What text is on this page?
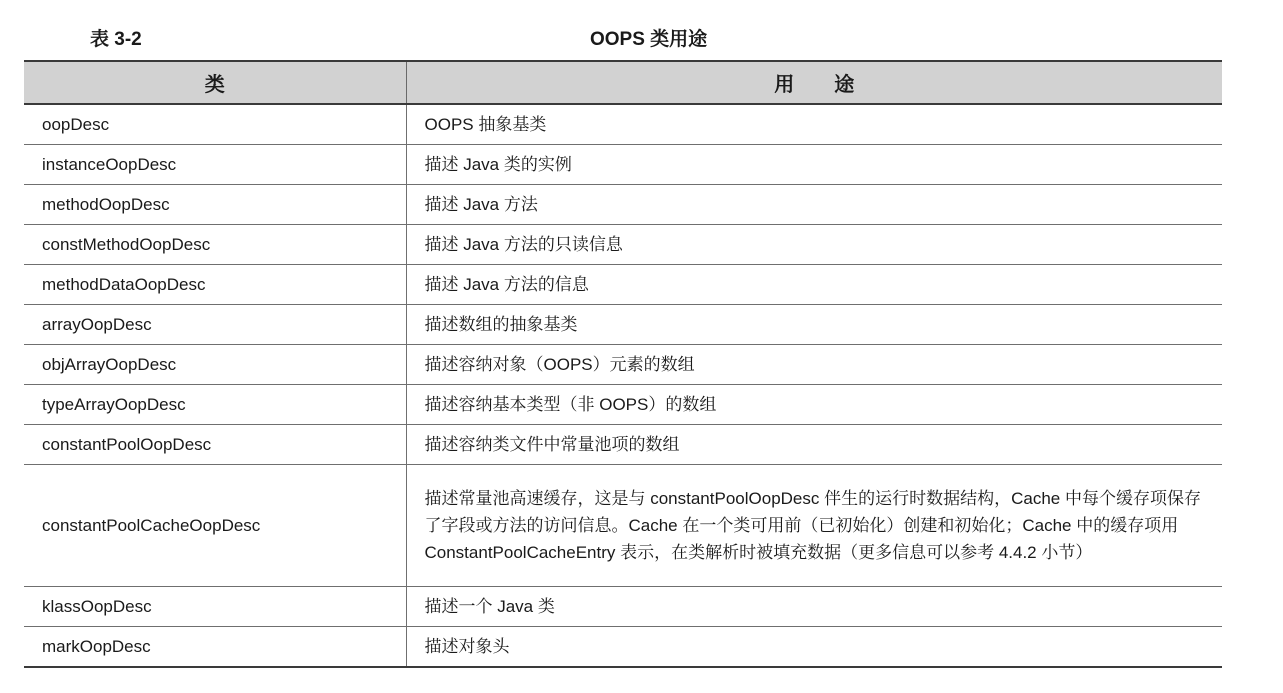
表 3-2	OOPS 类用途
类	用途
oopDesc	OOPS 抽象基类
instanceOopDesc	描述 Java 类的实例
methodOopDesc	描述 Java 方法
constMethodOopDesc	描述 Java 方法的只读信息
methodDataOopDesc	描述 Java 方法的信息
arrayOopDesc	描述数组的抽象基类
objArrayOopDesc	描述容纳对象（OOPS）元素的数组
typeArrayOopDesc	描述容纳基本类型（非 OOPS）的数组
constantPoolOopDesc	描述容纳类文件中常量池项的数组
constantPoolCacheOopDesc	描述常量池高速缓存，这是与 constantPoolOopDesc 伴生的运行时数据结构，Cache 中每个缓存项保存了字段或方法的访问信息。Cache 在一个类可用前（已初始化）创建和初始化；Cache 中的缓存项用 ConstantPoolCacheEntry 表示，在类解析时被填充数据（更多信息可以参考 4.4.2 小节）
klassOopDesc	描述一个 Java 类
markOopDesc	描述对象头
